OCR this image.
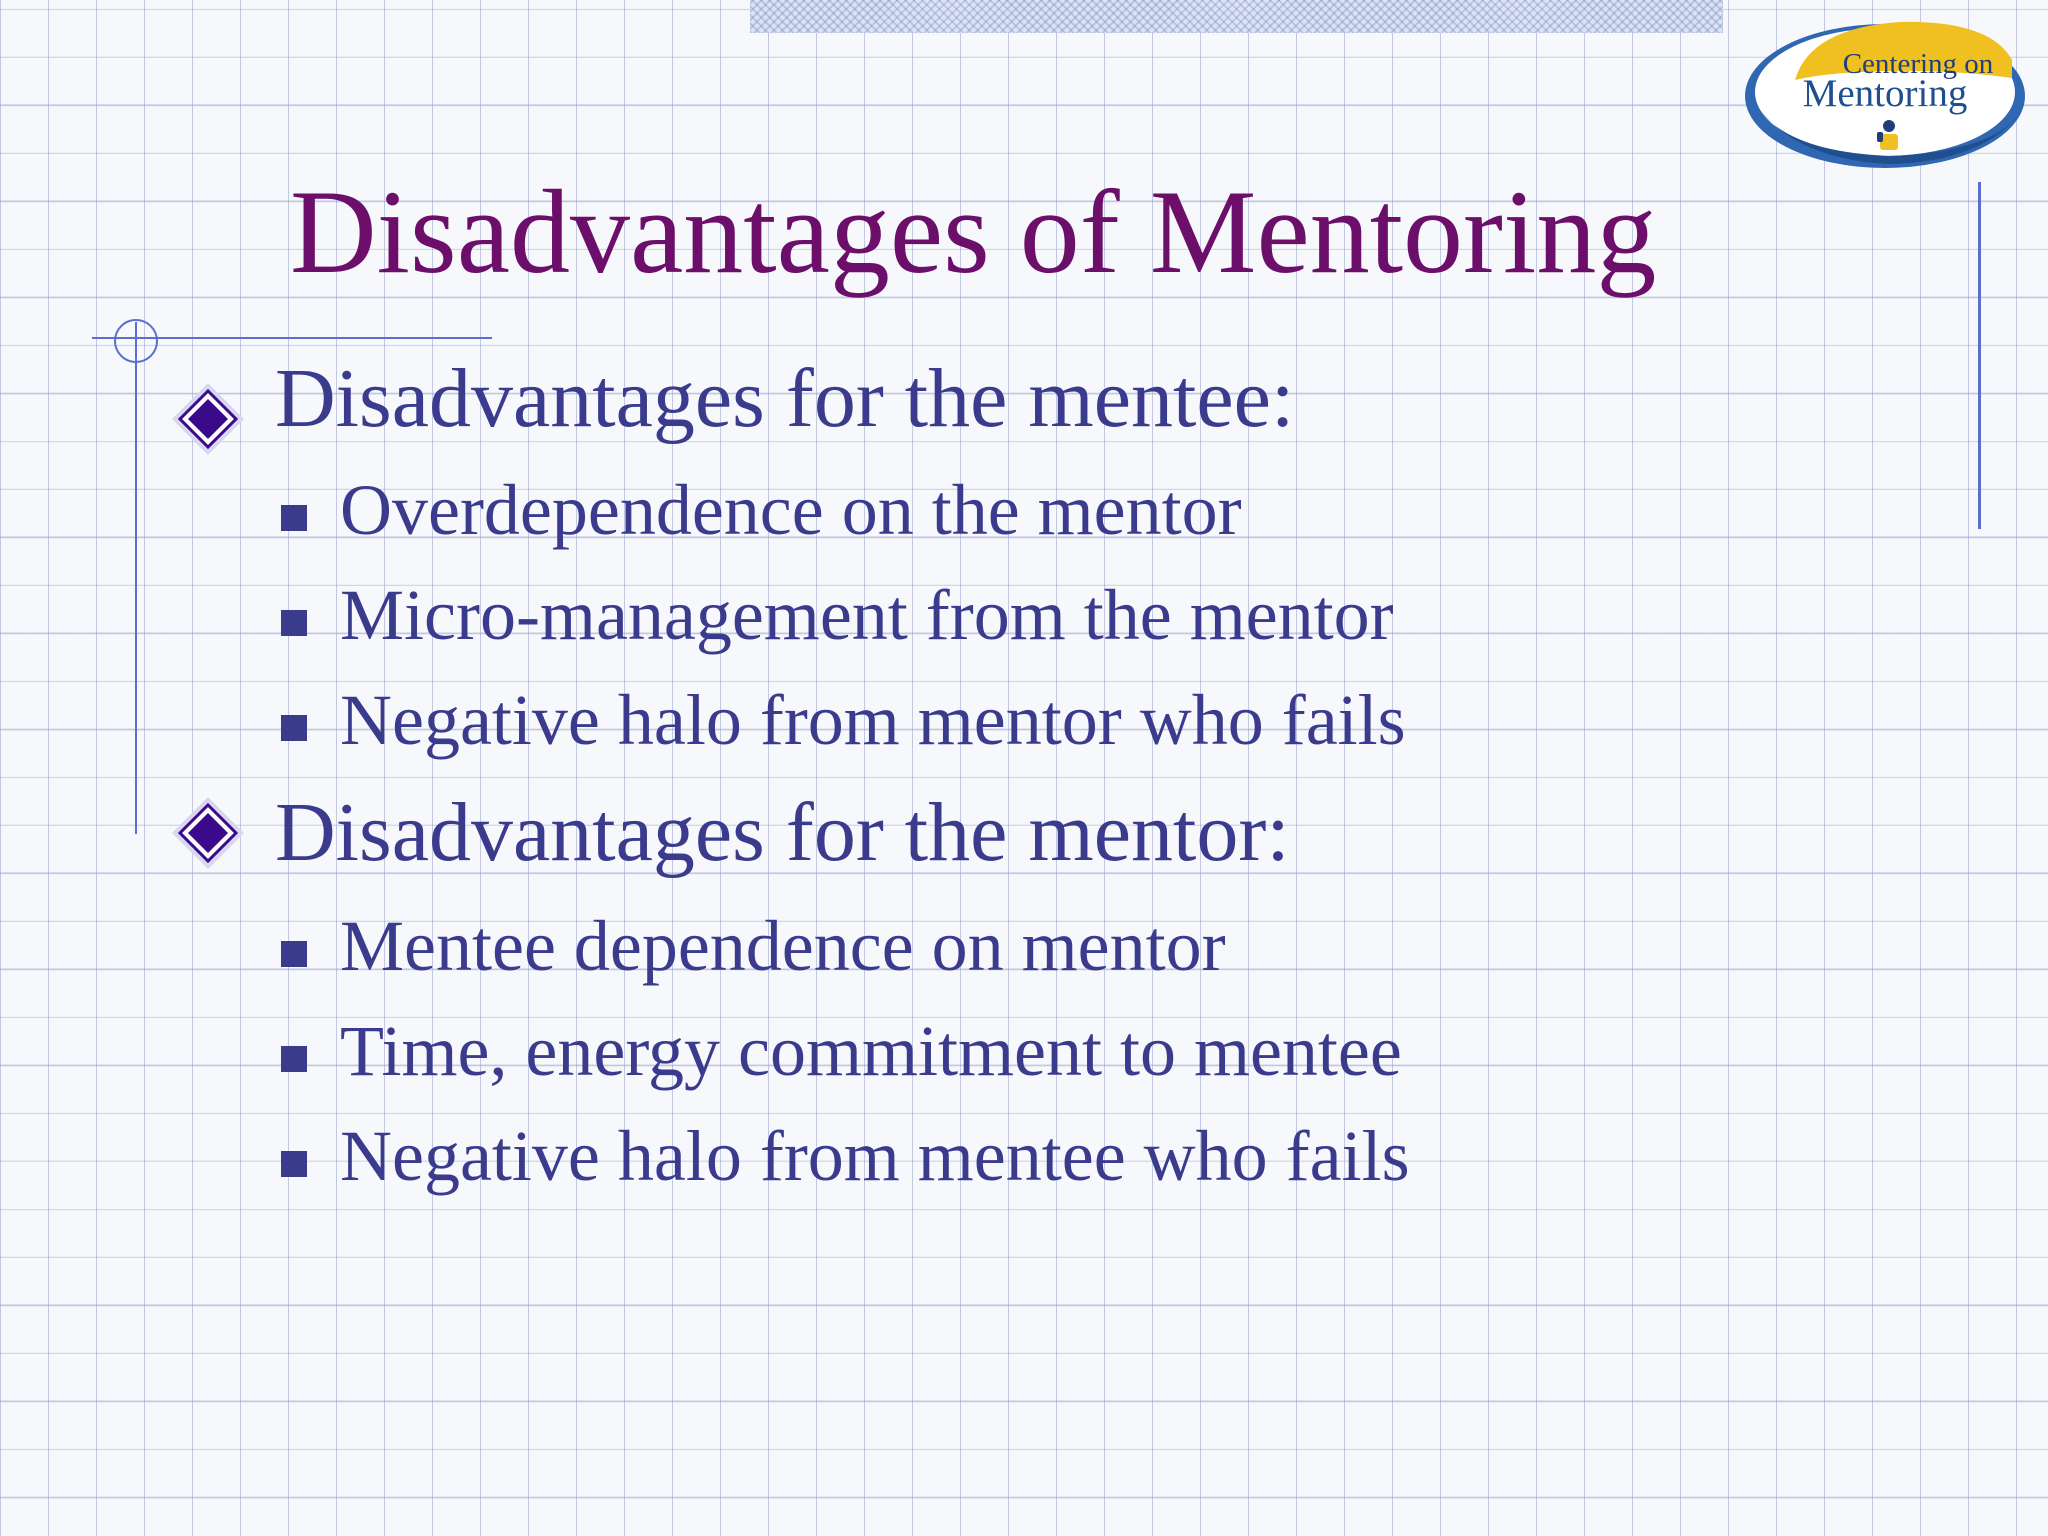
Centering on
Mentoring
Disadvantages of Mentoring
Disadvantages for the mentee:
Overdependence on the mentor
Micro-management from the mentor
Negative halo from mentor who fails
Disadvantages for the mentor:
Mentee dependence on mentor
Time, energy commitment to mentee
Negative halo from mentee who fails
